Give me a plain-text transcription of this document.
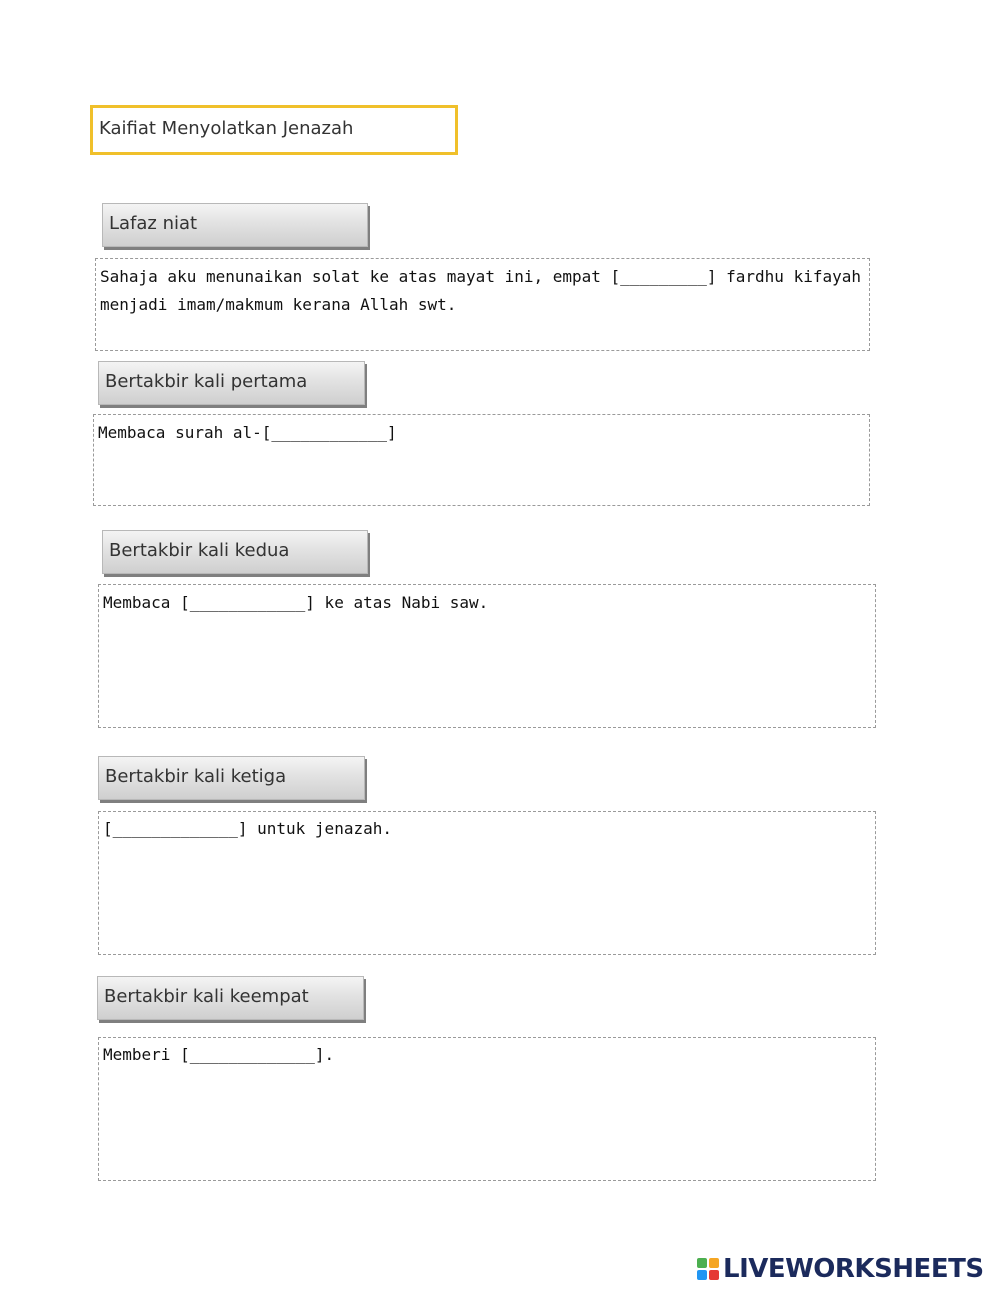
Kaifiat Menyolatkan Jenazah
Lafaz niat
Sahaja aku menunaikan solat ke atas mayat ini, empat [_________] fardhu kifayah menjadi imam/makmum kerana Allah swt.
Bertakbir kali pertama
Membaca surah al-[____________]
Bertakbir kali kedua
Membaca [____________] ke atas Nabi saw.
Bertakbir kali ketiga
[_____________] untuk jenazah.
Bertakbir kali keempat
Memberi [_____________].
LIVEWORKSHEETS
